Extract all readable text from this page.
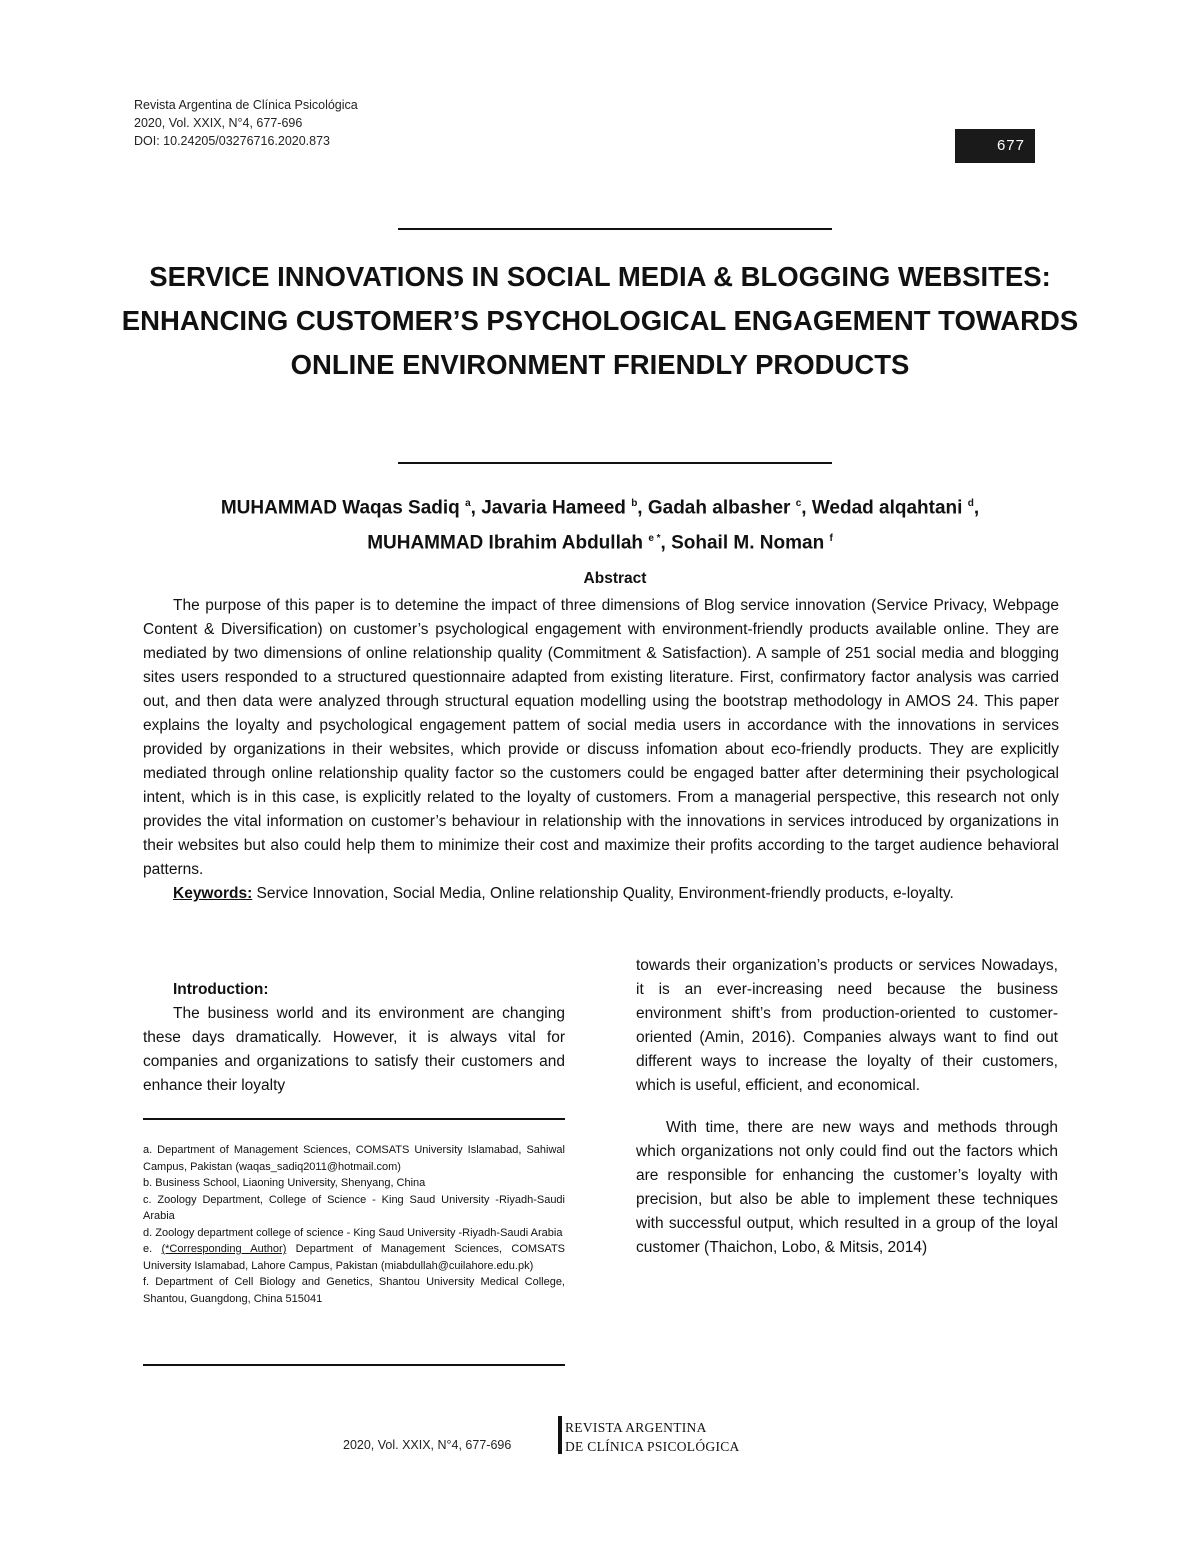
Revista Argentina de Clínica Psicológica
2020, Vol. XXIX, N°4, 677-696
DOI: 10.24205/03276716.2020.873	677
SERVICE INNOVATIONS IN SOCIAL MEDIA & BLOGGING WEBSITES: ENHANCING CUSTOMER’S PSYCHOLOGICAL ENGAGEMENT TOWARDS ONLINE ENVIRONMENT FRIENDLY PRODUCTS
MUHAMMAD Waqas Sadiq $^a$, Javaria Hameed $^b$, Gadah albasher $^c$, Wedad alqahtani $^d$,
MUHAMMAD Ibrahim Abdullah $^{e *}$, Sohail M. Noman $^f$
Abstract

The purpose of this paper is to detemine the impact of three dimensions of Blog service innovation (Service Privacy, Webpage Content & Diversification) on customer’s psychological engagement with environment-friendly products available online. They are mediated by two dimensions of online relationship quality (Commitment & Satisfaction). A sample of 251 social media and blogging sites users responded to a structured questionnaire adapted from existing literature. First, confirmatory factor analysis was carried out, and then data were analyzed through structural equation modelling using the bootstrap methodology in AMOS 24. This paper explains the loyalty and psychological engagement pattem of social media users in accordance with the innovations in services provided by organizations in their websites, which provide or discuss infomation about eco-friendly products. They are explicitly mediated through online relationship quality factor so the customers could be engaged batter after determining their psychological intent, which is in this case, is explicitly related to the loyalty of customers. From a managerial perspective, this research not only provides the vital information on customer’s behaviour in relationship with the innovations in services introduced by organizations in their websites but also could help them to minimize their cost and maximize their profits according to the target audience behavioral patterns.

Keywords: Service Innovation, Social Media, Online relationship Quality, Environment-friendly products, e-loyalty.

Introduction:

The business world and its environment are changing these days dramatically. However, it is always vital for companies and organizations to satisfy their customers and enhance their loyalty

a. Department of Management Sciences, COMSATS University Islamabad, Sahiwal Campus, Pakistan (waqas_sadiq2011@hotmail.com)

b. Business School, Liaoning University, Shenyang, China

c. Zoology Department, College of Science - King Saud University -Riyadh-Saudi Arabia

d. Zoology department college of science - King Saud University -Riyadh-Saudi Arabia

e. (*Corresponding Author) Department of Management Sciences, COMSATS University Islamabad, Lahore Campus, Pakistan (miabdullah@cuilahore.edu.pk)

f. Department of Cell Biology and Genetics, Shantou University Medical College, Shantou, Guangdong, China 515041

towards their organization’s products or services Nowadays, it is an ever-increasing need because the business environment shift’s from production-oriented to customer-oriented (Amin, 2016). Companies always want to find out different ways to increase the loyalty of their customers, which is useful, efficient, and economical.

With time, there are new ways and methods through which organizations not only could find out the factors which are responsible for enhancing the customer’s loyalty with precision, but also be able to implement these techniques with successful output, which resulted in a group of the loyal customer (Thaichon, Lobo, & Mitsis, 2014)

2020, Vol. XXIX, N°4, 677-696
REVISTA ARGENTINA
DE CLÍNICA PSICOLÓGICA
